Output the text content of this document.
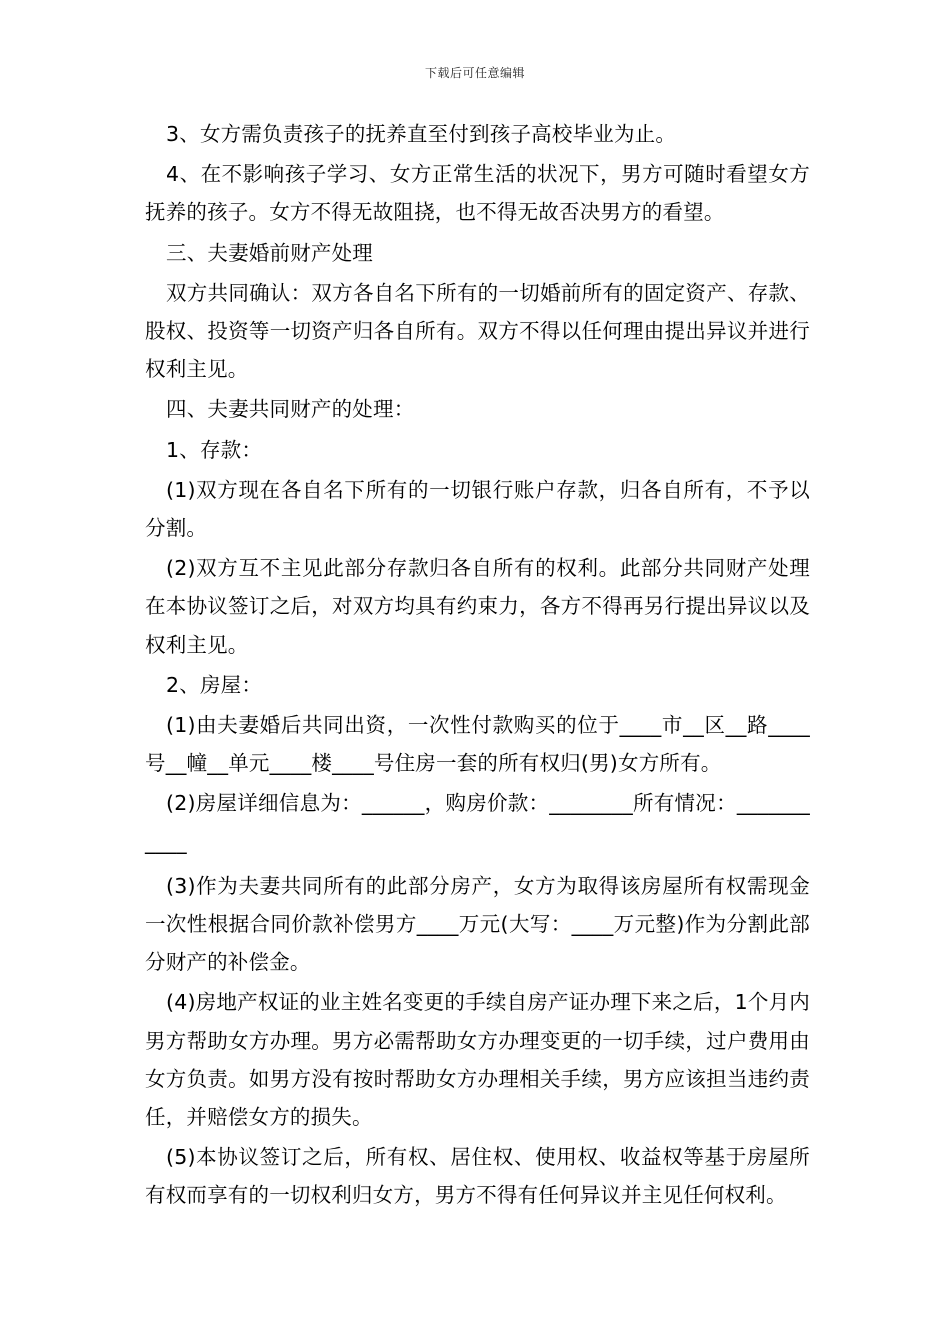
下载后可任意编辑

3、女方需负责孩子的抚养直至付到孩子高校毕业为止。

4、在不影响孩子学习、女方正常生活的状况下，男方可随时看望女方抚养的孩子。女方不得无故阻挠，也不得无故否决男方的看望。

三、夫妻婚前财产处理

双方共同确认：双方各自名下所有的一切婚前所有的固定资产、存款、股权、投资等一切资产归各自所有。双方不得以任何理由提出异议并进行权利主见。

四、夫妻共同财产的处理：

1、存款：

(1)双方现在各自名下所有的一切银行账户存款，归各自所有，不予以分割。

(2)双方互不主见此部分存款归各自所有的权利。此部分共同财产处理在本协议签订之后，对双方均具有约束力，各方不得再另行提出异议以及权利主见。

2、房屋：

(1)由夫妻婚后共同出资，一次性付款购买的位于____市__区__路____号__幢__单元____楼____号住房一套的所有权归(男)女方所有。

(2)房屋详细信息为：______，购房价款：________所有情况：___________

(3)作为夫妻共同所有的此部分房产，女方为取得该房屋所有权需现金一次性根据合同价款补偿男方____万元(大写：____万元整)作为分割此部分财产的补偿金。

(4)房地产权证的业主姓名变更的手续自房产证办理下来之后，1个月内男方帮助女方办理。男方必需帮助女方办理变更的一切手续，过户费用由女方负责。如男方没有按时帮助女方办理相关手续，男方应该担当违约责任，并赔偿女方的损失。

(5)本协议签订之后，所有权、居住权、使用权、收益权等基于房屋所有权而享有的一切权利归女方，男方不得有任何异议并主见任何权利。
